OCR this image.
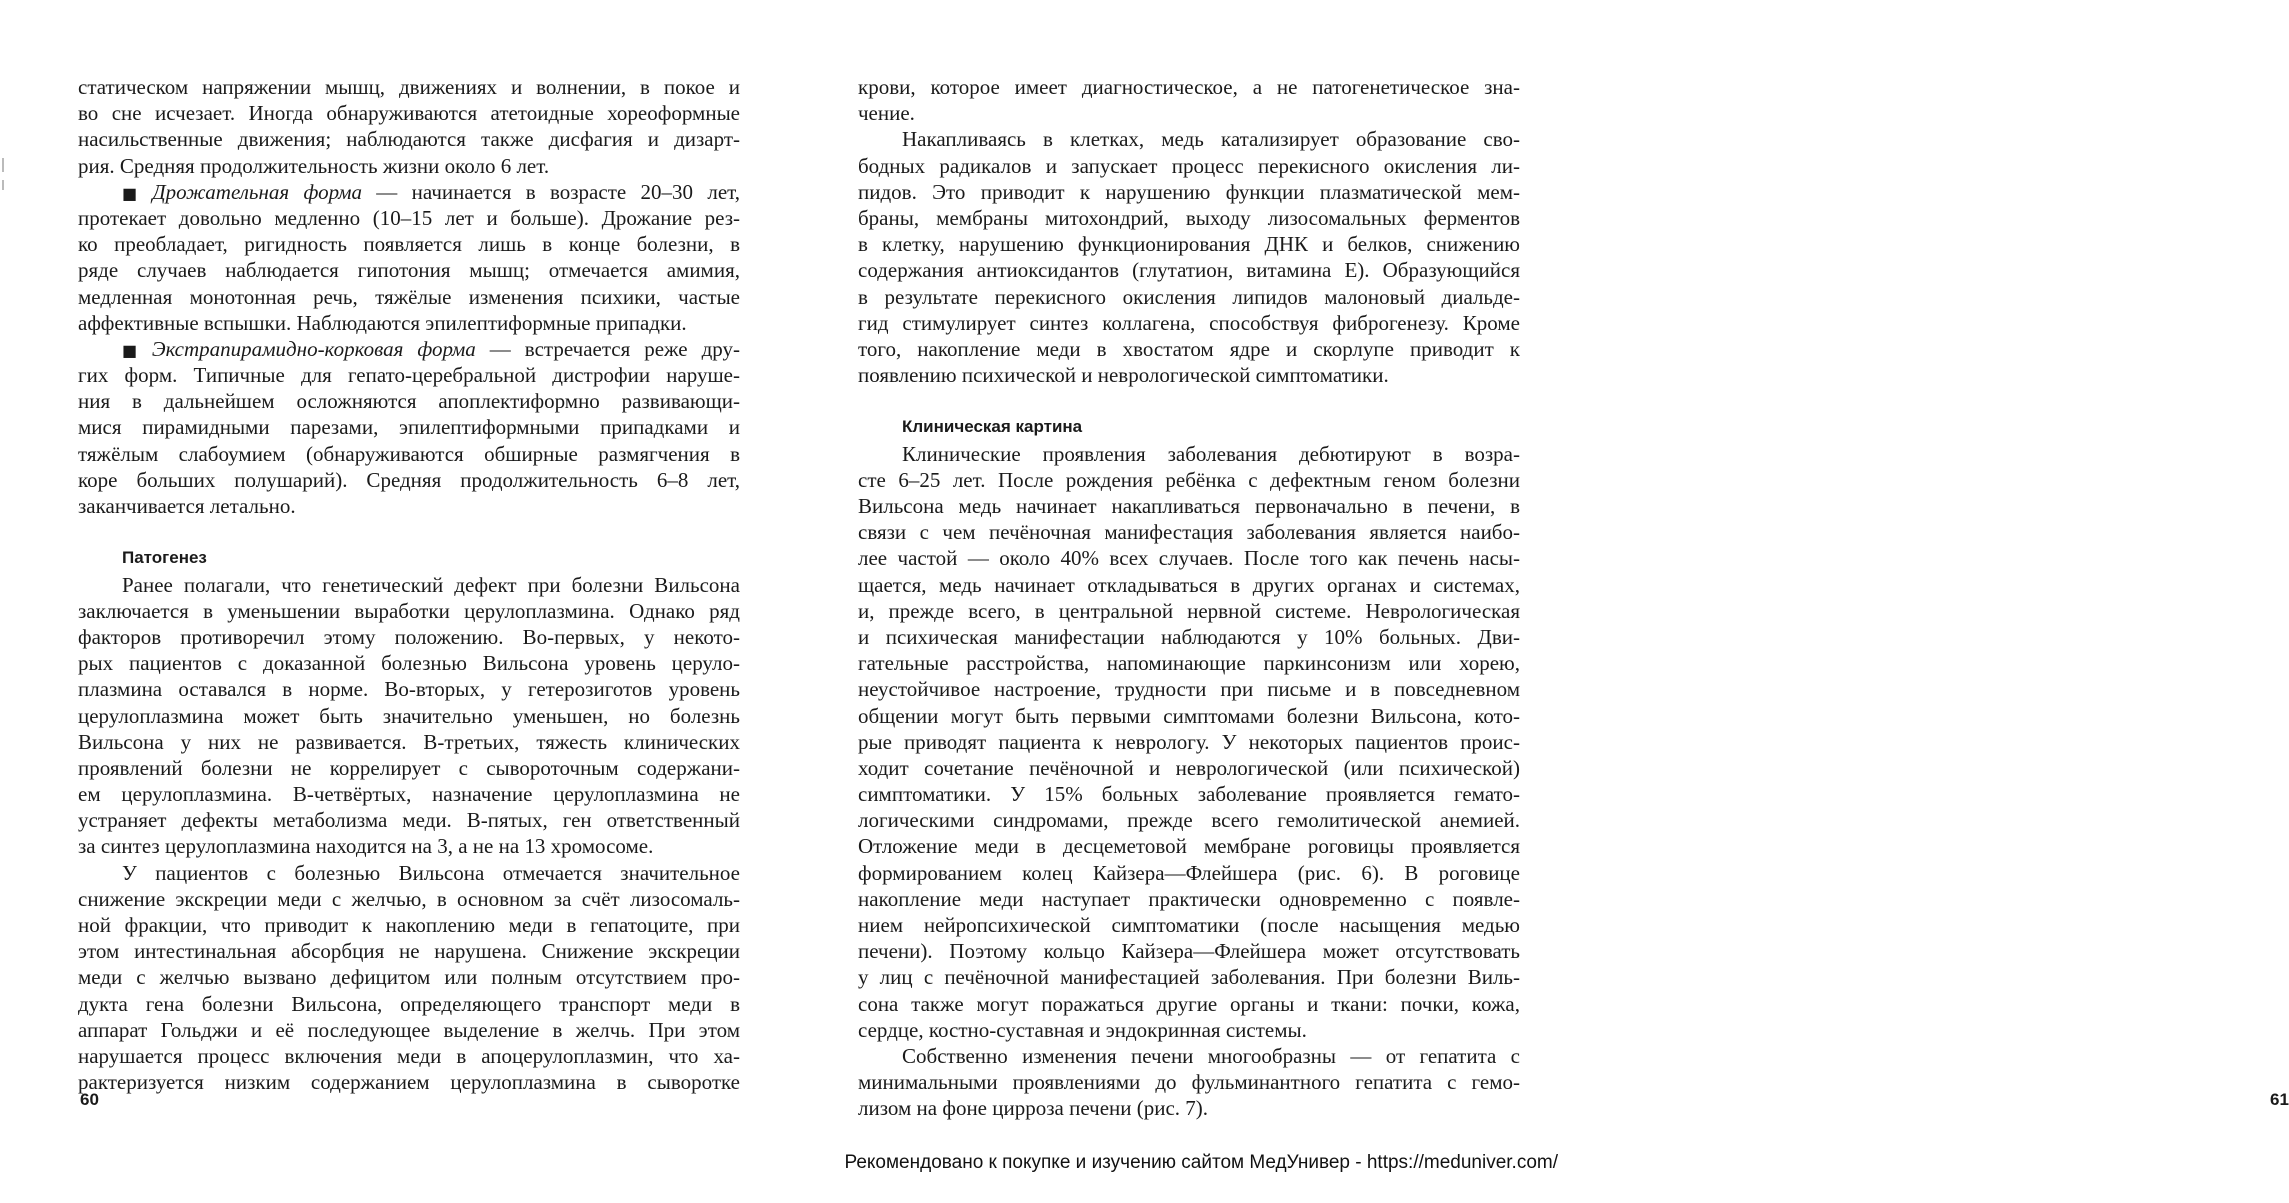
статическом напряжении мышц, движениях и волнении, в покое и
во сне исчезает. Иногда обнаруживаются атетоидные хореоформные
насильственные движения; наблюдаются также дисфагия и дизарт-
рия. Средняя продолжительность жизни около 6 лет.
■ Дрожательная форма — начинается в возрасте 20–30 лет,
протекает довольно медленно (10–15 лет и больше). Дрожание рез-
ко преобладает, ригидность появляется лишь в конце болезни, в
ряде случаев наблюдается гипотония мышц; отмечается амимия,
медленная монотонная речь, тяжёлые изменения психики, частые
аффективные вспышки. Наблюдаются эпилептиформные припадки.
■ Экстрапирамидно-корковая форма — встречается реже дру-
гих форм. Типичные для гепато-церебральной дистрофии наруше-
ния в дальнейшем осложняются апоплектиформно развивающи-
мися пирамидными парезами, эпилептиформными припадками и
тяжёлым слабоумием (обнаруживаются обширные размягчения в
коре больших полушарий). Средняя продолжительность 6–8 лет,
заканчивается летально.
Патогенез
Ранее полагали, что генетический дефект при болезни Вильсона
заключается в уменьшении выработки церулоплазмина. Однако ряд
факторов противоречил этому положению. Во-первых, у некото-
рых пациентов с доказанной болезнью Вильсона уровень церуло-
плазмина оставался в норме. Во-вторых, у гетерозиготов уровень
церулоплазмина может быть значительно уменьшен, но болезнь
Вильсона у них не развивается. В-третьих, тяжесть клинических
проявлений болезни не коррелирует с сывороточным содержани-
ем церулоплазмина. В-четвёртых, назначение церулоплазмина не
устраняет дефекты метаболизма меди. В-пятых, ген ответственный
за синтез церулоплазмина находится на 3, а не на 13 хромосоме.
У пациентов с болезнью Вильсона отмечается значительное
снижение экскреции меди с желчью, в основном за счёт лизосомаль-
ной фракции, что приводит к накоплению меди в гепатоците, при
этом интестинальная абсорбция не нарушена. Снижение экскреции
меди с желчью вызвано дефицитом или полным отсутствием про-
дукта гена болезни Вильсона, определяющего транспорт меди в
аппарат Гольджи и её последующее выделение в желчь. При этом
нарушается процесс включения меди в апоцерулоплазмин, что ха-
рактеризуется низким содержанием церулоплазмина в сыворотке
60
крови, которое имеет диагностическое, а не патогенетическое зна-
чение.
Накапливаясь в клетках, медь катализирует образование сво-
бодных радикалов и запускает процесс перекисного окисления ли-
пидов. Это приводит к нарушению функции плазматической мем-
браны, мембраны митохондрий, выходу лизосомальных ферментов
в клетку, нарушению функционирования ДНК и белков, снижению
содержания антиоксидантов (глутатион, витамина Е). Образующийся
в результате перекисного окисления липидов малоновый диальде-
гид стимулирует синтез коллагена, способствуя фиброгенезу. Кроме
того, накопление меди в хвостатом ядре и скорлупе приводит к
появлению психической и неврологической симптоматики.
Клиническая картина
Клинические проявления заболевания дебютируют в возра-
сте 6–25 лет. После рождения ребёнка с дефектным геном болезни
Вильсона медь начинает накапливаться первоначально в печени, в
связи с чем печёночная манифестация заболевания является наибо-
лее частой — около 40% всех случаев. После того как печень насы-
щается, медь начинает откладываться в других органах и системах,
и, прежде всего, в центральной нервной системе. Неврологическая
и психическая манифестации наблюдаются у 10% больных. Дви-
гательные расстройства, напоминающие паркинсонизм или хорею,
неустойчивое настроение, трудности при письме и в повседневном
общении могут быть первыми симптомами болезни Вильсона, кото-
рые приводят пациента к неврологу. У некоторых пациентов проис-
ходит сочетание печёночной и неврологической (или психической)
симптоматики. У 15% больных заболевание проявляется гемато-
логическими синдромами, прежде всего гемолитической анемией.
Отложение меди в десцеметовой мембране роговицы проявляется
формированием колец Кайзера—Флейшера (рис. 6). В роговице
накопление меди наступает практически одновременно с появле-
нием нейропсихической симптоматики (после насыщения медью
печени). Поэтому кольцо Кайзера—Флейшера может отсутствовать
у лиц с печёночной манифестацией заболевания. При болезни Виль-
сона также могут поражаться другие органы и ткани: почки, кожа,
сердце, костно-суставная и эндокринная системы.
Собственно изменения печени многообразны — от гепатита с
минимальными проявлениями до фульминантного гепатита с гемо-
лизом на фоне цирроза печени (рис. 7).	61
Рекомендовано к покупке и изучению сайтом МедУнивер - https://meduniver.com/
